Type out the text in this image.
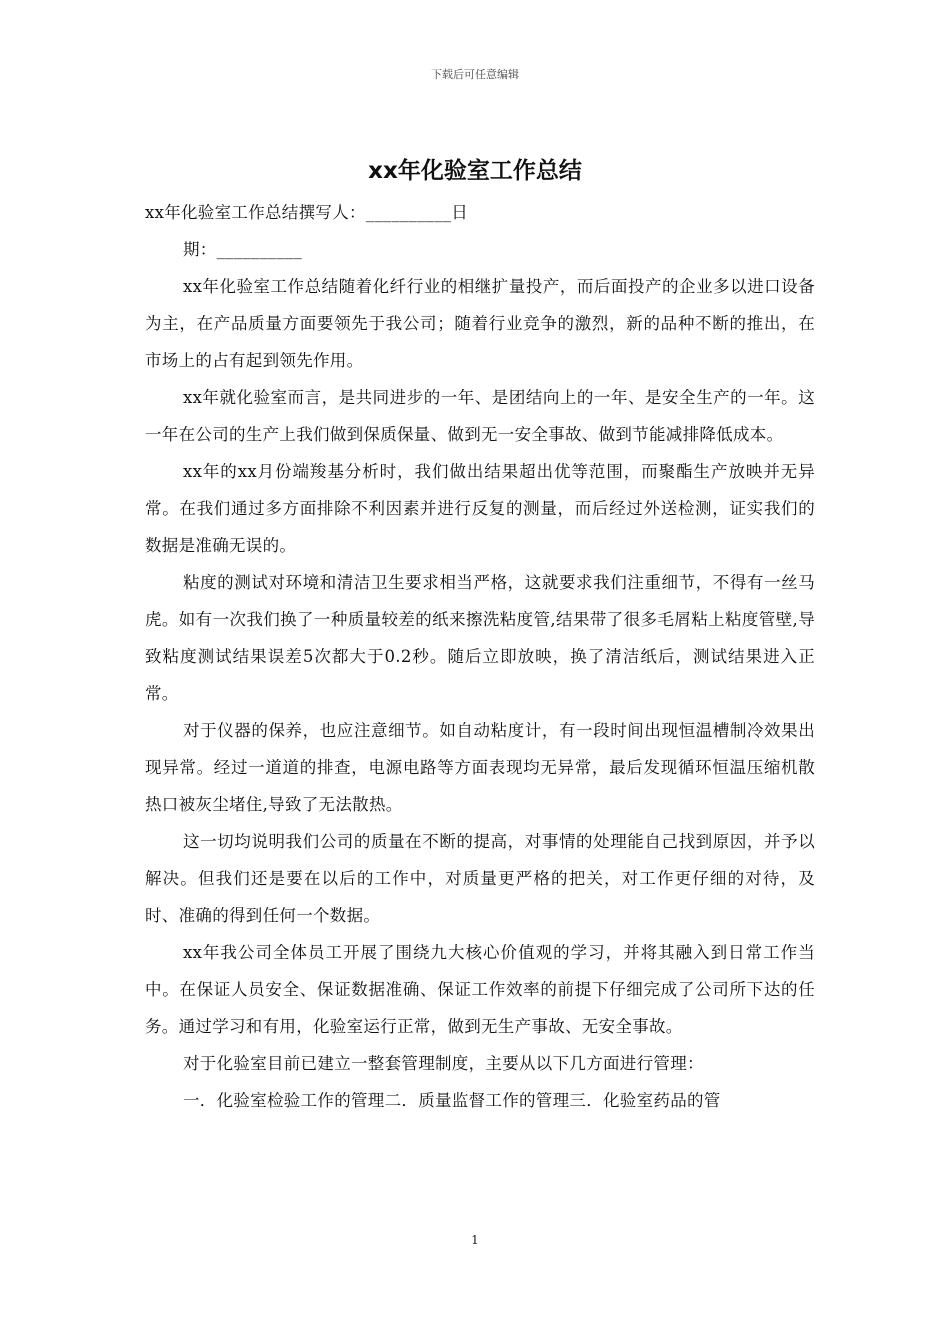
下载后可任意编辑
xx年化验室工作总结

xx年化验室工作总结撰写人：__________日

期：__________

xx年化验室工作总结随着化纤行业的相继扩量投产，而后面投产的企业多以进口设备为主，在产品质量方面要领先于我公司；随着行业竞争的激烈，新的品种不断的推出，在市场上的占有起到领先作用。

xx年就化验室而言，是共同进步的一年、是团结向上的一年、是安全生产的一年。这一年在公司的生产上我们做到保质保量、做到无一安全事故、做到节能减排降低成本。

xx年的xx月份端羧基分析时，我们做出结果超出优等范围，而聚酯生产放映并无异常。在我们通过多方面排除不利因素并进行反复的测量，而后经过外送检测，证实我们的数据是准确无误的。

粘度的测试对环境和清洁卫生要求相当严格，这就要求我们注重细节，不得有一丝马虎。如有一次我们换了一种质量较差的纸来擦洗粘度管,结果带了很多毛屑粘上粘度管壁,导致粘度测试结果误差5次都大于0.2秒。随后立即放映，换了清洁纸后，测试结果进入正常。

对于仪器的保养，也应注意细节。如自动粘度计，有一段时间出现恒温槽制冷效果出现异常。经过一道道的排查，电源电路等方面表现均无异常，最后发现循环恒温压缩机散热口被灰尘堵住,导致了无法散热。

这一切均说明我们公司的质量在不断的提高，对事情的处理能自己找到原因，并予以解决。但我们还是要在以后的工作中，对质量更严格的把关，对工作更仔细的对待，及时、准确的得到任何一个数据。

xx年我公司全体员工开展了围绕九大核心价值观的学习，并将其融入到日常工作当中。在保证人员安全、保证数据准确、保证工作效率的前提下仔细完成了公司所下达的任务。通过学习和有用，化验室运行正常，做到无生产事故、无安全事故。

对于化验室目前已建立一整套管理制度，主要从以下几方面进行管理：

一．化验室检验工作的管理二．质量监督工作的管理三．化验室药品的管

1
